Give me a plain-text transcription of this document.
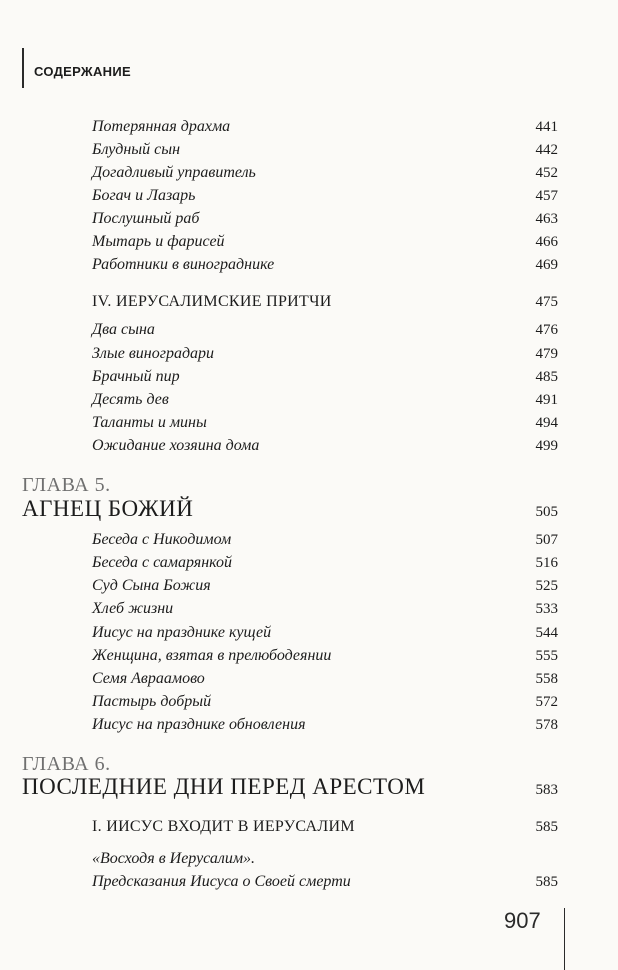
СОДЕРЖАНИЕ
Потерянная драхма	441
Блудный сын	442
Догадливый управитель	452
Богач и Лазарь	457
Послушный раб	463
Мытарь и фарисей	466
Работники в винограднике	469
IV. ИЕРУСАЛИМСКИЕ ПРИТЧИ	475
Два сына	476
Злые виноградари	479
Брачный пир	485
Десять дев	491
Таланты и мины	494
Ожидание хозяина дома	499
ГЛАВА 5.
АГНЕЦ БОЖИЙ	505
Беседа с Никодимом	507
Беседа с самарянкой	516
Суд Сына Божия	525
Хлеб жизни	533
Иисус на празднике кущей	544
Женщина, взятая в прелюбодеянии	555
Семя Авраамово	558
Пастырь добрый	572
Иисус на празднике обновления	578
ГЛАВА 6.
ПОСЛЕДНИЕ ДНИ ПЕРЕД АРЕСТОМ	583
I. ИИСУС ВХОДИТ В ИЕРУСАЛИМ	585
«Восходя в Иерусалим».
Предсказания Иисуса о Своей смерти	585
907
